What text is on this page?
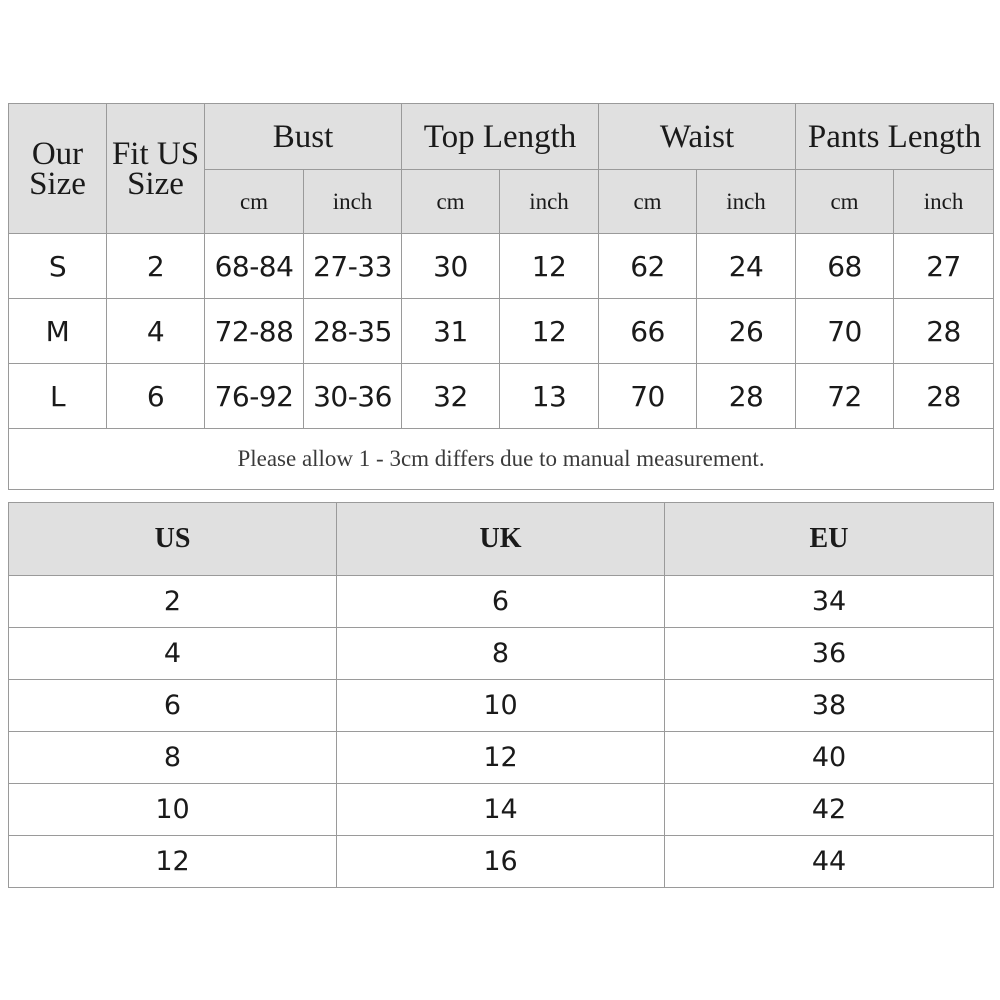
Our Size	Fit US Size	Bust		Top Length		Waist		Pants Length	
		cm	inch	cm	inch	cm	inch	cm	inch
S	2	68-84	27-33	30	12	62	24	68	27
M	4	72-88	28-35	31	12	66	26	70	28
L	6	76-92	30-36	32	13	70	28	72	28
Please allow 1 - 3cm differs due to manual measurement.									
US	UK	EU
2	6	34
4	8	36
6	10	38
8	12	40
10	14	42
12	16	44
